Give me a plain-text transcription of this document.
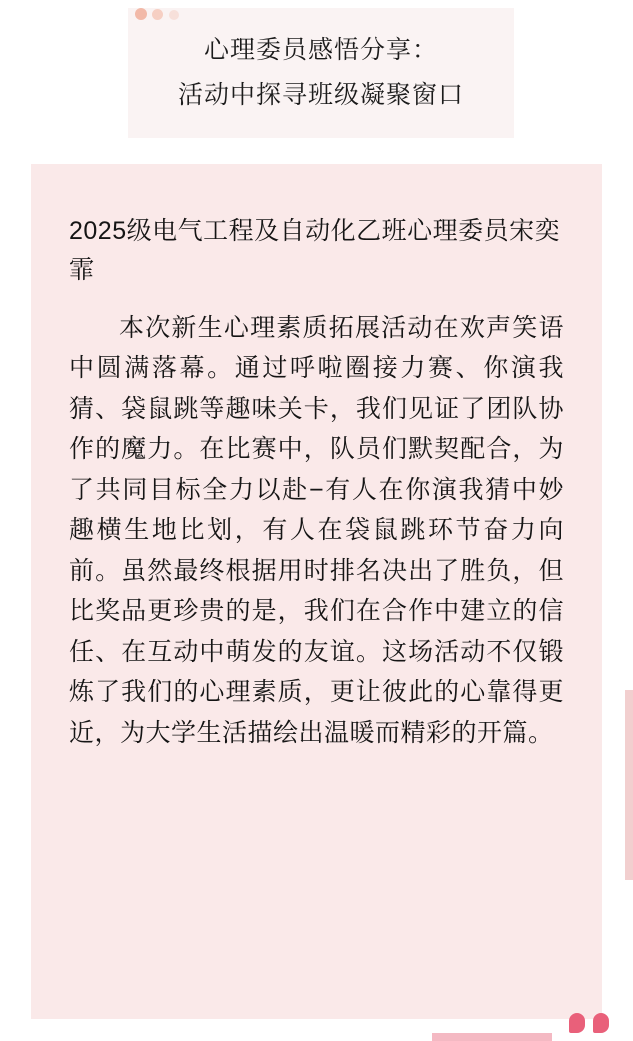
心理委员感悟分享：
活动中探寻班级凝聚窗口

2025级电气工程及自动化乙班心理委员宋奕霏

本次新生心理素质拓展活动在欢声笑语中圆满落幕。通过呼啦圈接力赛、你演我猜、袋鼠跳等趣味关卡，我们见证了团队协作的魔力。在比赛中，队员们默契配合，为了共同目标全力以赴−有人在你演我猜中妙趣横生地比划，有人在袋鼠跳环节奋力向前。虽然最终根据用时排名决出了胜负，但比奖品更珍贵的是，我们在合作中建立的信任、在互动中萌发的友谊。这场活动不仅锻炼了我们的心理素质，更让彼此的心靠得更近，为大学生活描绘出温暖而精彩的开篇。
